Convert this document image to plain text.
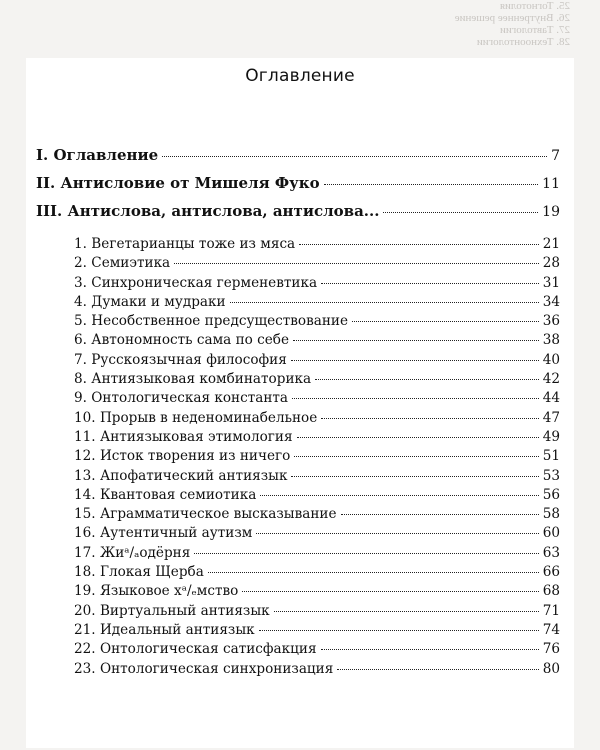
25. Тогнотолия
26. Внутреннее решение
27. Тавтологии
28. Техноонтологии
Оглавление
I. Оглавление	7
II. Антисловие от Мишеля Фуко	11
III. Антислова, антислова, антислова...	19
1. Вегетарианцы тоже из мяса	21
2. Семиэтика	28
3. Синхроническая герменевтика	31
4. Думаки и мудраки	34
5. Несобственное предсуществование	36
6. Автономность сама по себе	38
7. Русскоязычная философия	40
8. Антиязыковая комбинаторика	42
9. Онтологическая константа	44
10. Прорыв в неденоминабельное	47
11. Антиязыковая этимология	49
12. Исток творения из ничего	51
13. Апофатический антиязык	53
14. Квантовая семиотика	56
15. Аграмматическое высказывание	58
16. Аутентичный аутизм	60
17. Жиᵃ/ₐодёрня	63
18. Глокая Щерба	66
19. Языковое хᵃ/ₑмство	68
20. Виртуальный антиязык	71
21. Идеальный антиязык	74
22. Онтологическая сатисфакция	76
23. Онтологическая синхронизация	80
